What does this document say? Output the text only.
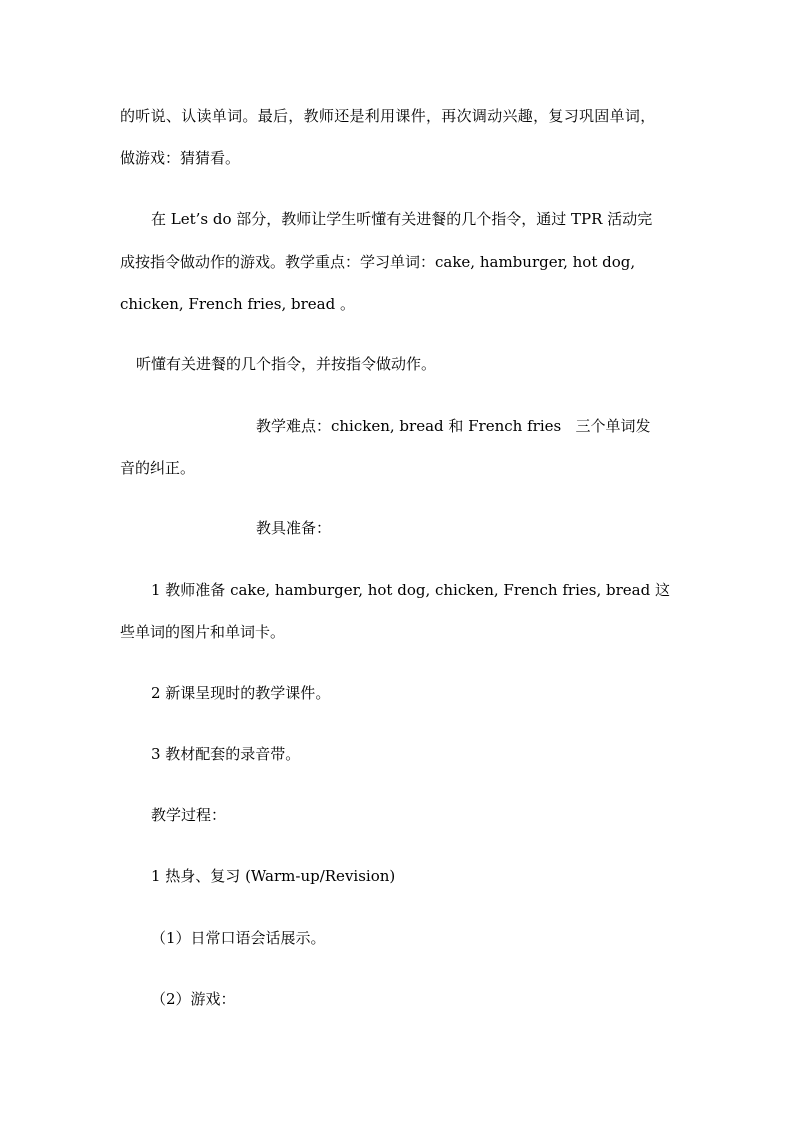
的听说、认读单词。最后，教师还是利用课件，再次调动兴趣，复习巩固单词，
做游戏：猜猜看。
在 Let’s do 部分，教师让学生听懂有关进餐的几个指令，通过 TPR 活动完
成按指令做动作的游戏。教学重点：学习单词：cake, hamburger, hot dog,
chicken, French fries, bread 。
听懂有关进餐的几个指令，并按指令做动作。
教学难点：chicken, bread 和 French fries   三个单词发
音的纠正。
教具准备：
1 教师准备 cake, hamburger, hot dog, chicken, French fries, bread 这
些单词的图片和单词卡。
2 新课呈现时的教学课件。
3 教材配套的录音带。
教学过程：
1 热身、复习 (Warm-up/Revision)
（1）日常口语会话展示。
（2）游戏：
